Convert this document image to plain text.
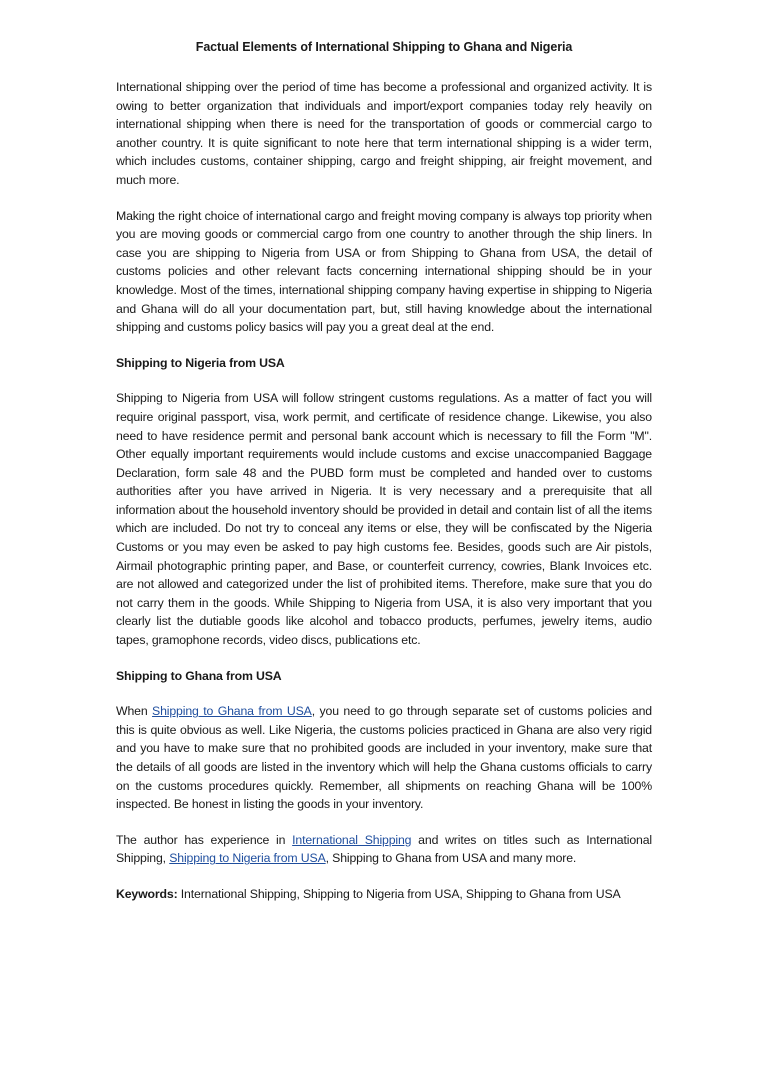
Factual Elements of International Shipping to Ghana and Nigeria

International shipping over the period of time has become a professional and organized activity. It is owing to better organization that individuals and import/export companies today rely heavily on international shipping when there is need for the transportation of goods or commercial cargo to another country. It is quite significant to note here that term international shipping is a wider term, which includes customs, container shipping, cargo and freight shipping, air freight movement, and much more.

Making the right choice of international cargo and freight moving company is always top priority when you are moving goods or commercial cargo from one country to another through the ship liners. In case you are shipping to Nigeria from USA or from Shipping to Ghana from USA, the detail of customs policies and other relevant facts concerning international shipping should be in your knowledge. Most of the times, international shipping company having expertise in shipping to Nigeria and Ghana will do all your documentation part, but, still having knowledge about the international shipping and customs policy basics will pay you a great deal at the end.

Shipping to Nigeria from USA

Shipping to Nigeria from USA will follow stringent customs regulations. As a matter of fact you will require original passport, visa, work permit, and certificate of residence change. Likewise, you also need to have residence permit and personal bank account which is necessary to fill the Form "M". Other equally important requirements would include customs and excise unaccompanied Baggage Declaration, form sale 48 and the PUBD form must be completed and handed over to customs authorities after you have arrived in Nigeria. It is very necessary and a prerequisite that all information about the household inventory should be provided in detail and contain list of all the items which are included. Do not try to conceal any items or else, they will be confiscated by the Nigeria Customs or you may even be asked to pay high customs fee. Besides, goods such are Air pistols, Airmail photographic printing paper, and Base, or counterfeit currency, cowries, Blank Invoices etc. are not allowed and categorized under the list of prohibited items. Therefore, make sure that you do not carry them in the goods. While Shipping to Nigeria from USA, it is also very important that you clearly list the dutiable goods like alcohol and tobacco products, perfumes, jewelry items, audio tapes, gramophone records, video discs, publications etc.

Shipping to Ghana from USA

When Shipping to Ghana from USA, you need to go through separate set of customs policies and this is quite obvious as well. Like Nigeria, the customs policies practiced in Ghana are also very rigid and you have to make sure that no prohibited goods are included in your inventory, make sure that the details of all goods are listed in the inventory which will help the Ghana customs officials to carry on the customs procedures quickly. Remember, all shipments on reaching Ghana will be 100% inspected. Be honest in listing the goods in your inventory.

The author has experience in International Shipping and writes on titles such as International Shipping, Shipping to Nigeria from USA, Shipping to Ghana from USA and many more.

Keywords: International Shipping, Shipping to Nigeria from USA, Shipping to Ghana from USA
